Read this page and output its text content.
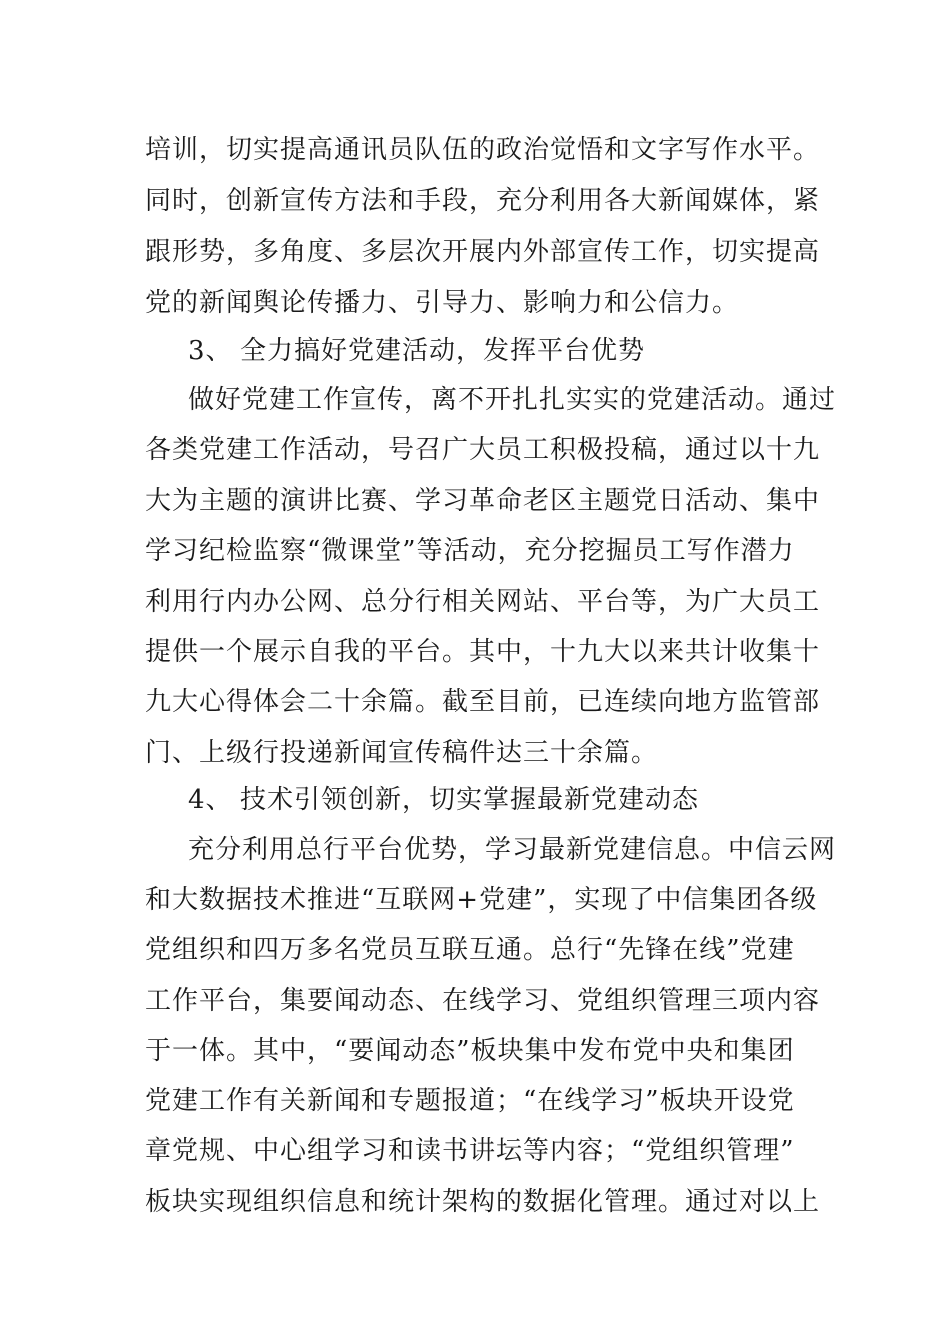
培训，切实提高通讯员队伍的政治觉悟和文字写作水平。
同时，创新宣传方法和手段，充分利用各大新闻媒体，紧
跟形势，多角度、多层次开展内外部宣传工作，切实提高
党的新闻舆论传播力、引导力、影响力和公信力。
3、 全力搞好党建活动，发挥平台优势
做好党建工作宣传，离不开扎扎实实的党建活动。通过
各类党建工作活动，号召广大员工积极投稿，通过以十九
大为主题的演讲比赛、学习革命老区主题党日活动、集中
学习纪检监察“微课堂”等活动，充分挖掘员工写作潜力
利用行内办公网、总分行相关网站、平台等，为广大员工
提供一个展示自我的平台。其中，十九大以来共计收集十
九大心得体会二十余篇。截至目前，已连续向地方监管部
门、上级行投递新闻宣传稿件达三十余篇。
4、 技术引领创新，切实掌握最新党建动态
充分利用总行平台优势，学习最新党建信息。中信云网
和大数据技术推进“互联网+党建”，实现了中信集团各级
党组织和四万多名党员互联互通。总行“先锋在线”党建
工作平台，集要闻动态、在线学习、党组织管理三项内容
于一体。其中，“要闻动态”板块集中发布党中央和集团
党建工作有关新闻和专题报道；“在线学习”板块开设党
章党规、中心组学习和读书讲坛等内容；“党组织管理”
板块实现组织信息和统计架构的数据化管理。通过对以上
